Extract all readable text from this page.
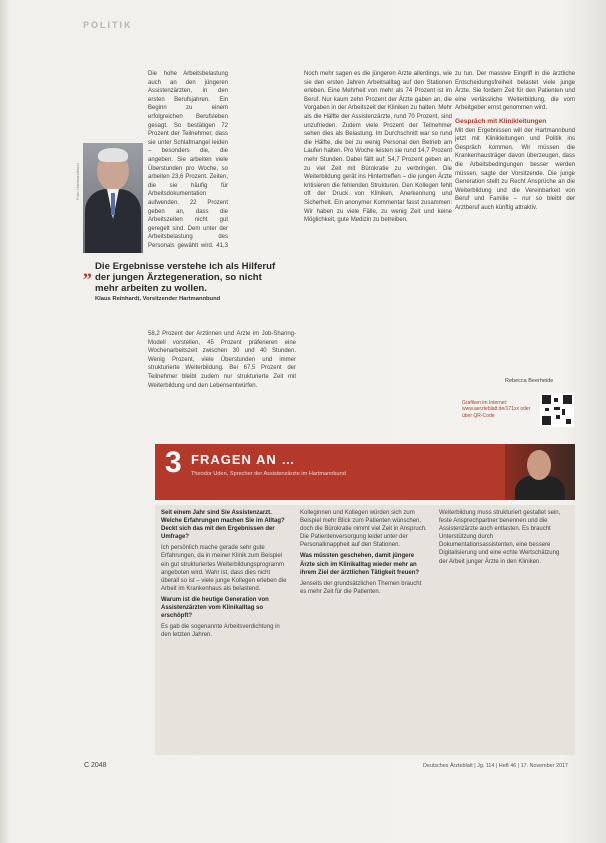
POLITIK

Die hohe Arbeitsbelastung auch an den jüngeren Assistenzärzten, in den ersten Berufsjahren. Ein Beginn zu einem erfolgreichen Berufsleben gesagt. So bestätigen 72 Prozent der Teilnehmer, dass sie unter Schlafmangel leiden – besonders die, die angeben. Sie arbeiten viele Überstunden pro Woche, so arbeiten 23,6 Prozent. Zeiten, die sie häufig für Arbeitsdokumentation aufwenden. 22 Prozent geben an, dass die Arbeitszeiten nicht gut geregelt sind. Dem unter der Arbeitsbelastung des Personals gewählt wird. 41,3

Foto: Hartmannbund
„ Die Ergebnisse verstehe ich als Hilferuf der jungen Ärztegeneration, so nicht mehr arbeiten zu wollen.
Klaus Reinhardt, Vorsitzender Hartmannbund

58,2 Prozent der Ärztinnen und Ärzte im Job-Sharing-Modell vorstellen, 45 Prozent präferieren eine Wochenarbeitszeit zwischen 30 und 40 Stunden. Wenig Prozent, viele Überstunden und immer strukturierte Weiterbildung. Bei 67,5 Prozent der Teilnehmer bleibt zudem nur strukturierte Zeit mit Weiterbildung und den Lebensentwürfen.

Noch mehr sagen es die jüngeren Ärzte allerdings, wie sie den ersten Jahren Arbeitsalltag auf den Stationen erleben. Eine Mehrheit von mehr als 74 Prozent ist im Beruf. Nur kaum zehn Prozent der Ärzte gaben an, die Vorgaben in der Arbeitszeit der Kliniken zu halten. Mehr als die Hälfte der Assistenzärzte, rund 70 Prozent, sind unzufrieden. Zudem viele Prozent der Teilnehmer sehen dies als Belastung. Im Durchschnitt war so rund die Hälfte, die bei zu wenig Personal den Betrieb am Laufen halten. Pro Woche leisten sie rund 14,7 Prozent mehr Stunden. Dabei fällt auf: 54,7 Prozent geben an, zu viel Zeit mit Bürokratie zu verbringen. Die Weiterbildung gerät ins Hintertreffen – die jungen Ärzte kritisieren die fehlenden Strukturen. Den Kollegen fehlt oft der Druck von Kliniken, Anerkennung und Sicherheit. Ein anonymer Kommentar fasst zusammen: Wir haben zu viele Fälle, zu wenig Zeit und keine Möglichkeit, gute Medizin zu betreiben.

zu tun. Der massive Eingriff in die ärztliche Entscheidungsfreiheit belastet viele junge Ärzte. Sie fordern Zeit für den Patienten und eine verlässliche Weiterbildung, die vom Arbeitgeber ernst genommen wird.

Gespräch mit Klinikleitungen

Mit den Ergebnissen will der Hartmannbund jetzt mit Klinikleitungen und Politik ins Gespräch kommen. Wir müssen die Krankenhausträger davon überzeugen, dass die Arbeitsbedingungen besser werden müssen, sagte der Vorsitzende. Die junge Generation stellt zu Recht Ansprüche an die Weiterbildung und die Vereinbarkeit von Beruf und Familie – nur so bleibt der Arztberuf auch künftig attraktiv.

Rebecca Beerheide
Grafiken im Internet: www.aerzteblatt.de/171xx oder über QR-Code
3 FRAGEN AN …
Theodor Uden, Sprecher der Assistenzärzte im Hartmannbund

Seit einem Jahr sind Sie Assistenzarzt. Welche Erfahrungen machen Sie im Alltag? Deckt sich das mit den Ergebnissen der Umfrage?

Ich persönlich mache gerade sehr gute Erfahrungen, da in meiner Klinik zum Beispiel ein gut strukturiertes Weiterbildungsprogramm angeboten wird. Wahr ist, dass dies nicht überall so ist – viele junge Kollegen erleben die Arbeit im Krankenhaus als belastend.

Warum ist die heutige Generation von Assistenzärzten vom Klinikalltag so erschöpft?

Es gab die sogenannte Arbeitsverdichtung in den letzten Jahren.

Kolleginnen und Kollegen würden sich zum Beispiel mehr Blick zum Patienten wünschen, doch die Bürokratie nimmt viel Zeit in Anspruch. Die Patientenversorgung leidet unter der Personalknappheit auf den Stationen.

Was müssten geschehen, damit jüngere Ärzte sich im Klinikalltag wieder mehr an ihrem Ziel der ärztlichen Tätigkeit freuen?

Jenseits der grundsätzlichen Themen braucht es mehr Zeit für die Patienten.

Weiterbildung muss strukturiert gestaltet sein, feste Ansprechpartner benennen und die Assistenzärzte auch entlasten. Es braucht Unterstützung durch Dokumentationsassistenten, eine bessere Digitalisierung und eine echte Wertschätzung der Arbeit junger Ärzte in den Kliniken.

C 2048	Deutsches Ärzteblatt | Jg. 114 | Heft 46 | 17. November 2017
